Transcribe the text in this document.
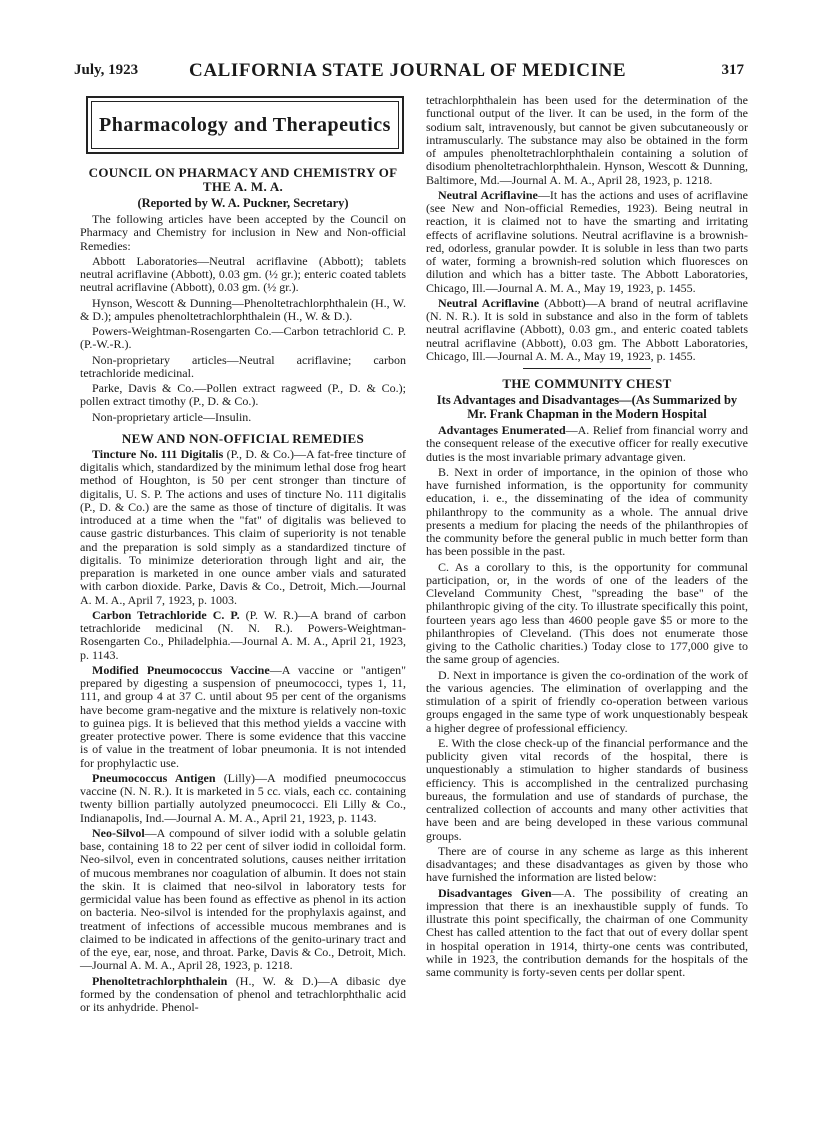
July, 1923	CALIFORNIA STATE JOURNAL OF MEDICINE	317
Pharmacology and Therapeutics
COUNCIL ON PHARMACY AND CHEMISTRY OF THE A. M. A.
(Reported by W. A. Puckner, Secretary)

The following articles have been accepted by the Council on Pharmacy and Chemistry for inclusion in New and Non-official Remedies:

Abbott Laboratories—Neutral acriflavine (Abbott); tablets neutral acriflavine (Abbott), 0.03 gm. (½ gr.); enteric coated tablets neutral acriflavine (Abbott), 0.03 gm. (½ gr.).

Hynson, Wescott & Dunning—Phenoltetrachlorphthalein (H., W. & D.); ampules phenoltetrachlorphthalein (H., W. & D.).

Powers-Weightman-Rosengarten Co.—Carbon tetrachlorid C. P. (P.-W.-R.).

Non-proprietary articles—Neutral acriflavine; carbon tetrachloride medicinal.

Parke, Davis & Co.—Pollen extract ragweed (P., D. & Co.); pollen extract timothy (P., D. & Co.).

Non-proprietary article—Insulin.

NEW AND NON-OFFICIAL REMEDIES

Tincture No. 111 Digitalis (P., D. & Co.)—A fat-free tincture of digitalis which, standardized by the minimum lethal dose frog heart method of Houghton, is 50 per cent stronger than tincture of digitalis, U. S. P. The actions and uses of tincture No. 111 digitalis (P., D. & Co.) are the same as those of tincture of digitalis. It was introduced at a time when the "fat" of digitalis was believed to cause gastric disturbances. This claim of superiority is not tenable and the preparation is sold simply as a standardized tincture of digitalis. To minimize deterioration through light and air, the preparation is marketed in one ounce amber vials and saturated with carbon dioxide. Parke, Davis & Co., Detroit, Mich.—Journal A. M. A., April 7, 1923, p. 1003.

Carbon Tetrachloride C. P. (P. W. R.)—A brand of carbon tetrachloride medicinal (N. N. R.). Powers-Weightman-Rosengarten Co., Philadelphia.—Journal A. M. A., April 21, 1923, p. 1143.

Modified Pneumococcus Vaccine—A vaccine or "antigen" prepared by digesting a suspension of pneumococci, types 1, 11, 111, and group 4 at 37 C. until about 95 per cent of the organisms have become gram-negative and the mixture is relatively non-toxic to guinea pigs. It is believed that this method yields a vaccine with greater protective power. There is some evidence that this vaccine is of value in the treatment of lobar pneumonia. It is not intended for prophylactic use.

Pneumococcus Antigen (Lilly)—A modified pneumococcus vaccine (N. N. R.). It is marketed in 5 cc. vials, each cc. containing twenty billion partially autolyzed pneumococci. Eli Lilly & Co., Indianapolis, Ind.—Journal A. M. A., April 21, 1923, p. 1143.

Neo-Silvol—A compound of silver iodid with a soluble gelatin base, containing 18 to 22 per cent of silver iodid in colloidal form. Neo-silvol, even in concentrated solutions, causes neither irritation of mucous membranes nor coagulation of albumin. It does not stain the skin. It is claimed that neo-silvol in laboratory tests for germicidal value has been found as effective as phenol in its action on bacteria. Neo-silvol is intended for the prophylaxis against, and treatment of infections of accessible mucous membranes and is claimed to be indicated in affections of the genito-urinary tract and of the eye, ear, nose, and throat. Parke, Davis & Co., Detroit, Mich.—Journal A. M. A., April 28, 1923, p. 1218.

Phenoltetrachlorphthalein (H., W. & D.)—A dibasic dye formed by the condensation of phenol and tetrachlorphthalic acid or its anhydride. Phenol-

tetrachlorphthalein has been used for the determination of the functional output of the liver. It can be used, in the form of the sodium salt, intravenously, but cannot be given subcutaneously or intramuscularly. The substance may also be obtained in the form of ampules phenoltetrachlorphthalein containing a solution of disodium phenoltetrachlorphthalein. Hynson, Wescott & Dunning, Baltimore, Md.—Journal A. M. A., April 28, 1923, p. 1218.

Neutral Acriflavine—It has the actions and uses of acriflavine (see New and Non-official Remedies, 1923). Being neutral in reaction, it is claimed not to have the smarting and irritating effects of acriflavine solutions. Neutral acriflavine is a brownish-red, odorless, granular powder. It is soluble in less than two parts of water, forming a brownish-red solution which fluoresces on dilution and which has a bitter taste. The Abbott Laboratories, Chicago, Ill.—Journal A. M. A., May 19, 1923, p. 1455.

Neutral Acriflavine (Abbott)—A brand of neutral acriflavine (N. N. R.). It is sold in substance and also in the form of tablets neutral acriflavine (Abbott), 0.03 gm., and enteric coated tablets neutral acriflavine (Abbott), 0.03 gm. The Abbott Laboratories, Chicago, Ill.—Journal A. M. A., May 19, 1923, p. 1455.

THE COMMUNITY CHEST
Its Advantages and Disadvantages—(As Summarized by Mr. Frank Chapman in the Modern Hospital

Advantages Enumerated—A. Relief from financial worry and the consequent release of the executive officer for really executive duties is the most invariable primary advantage given.

B. Next in order of importance, in the opinion of those who have furnished information, is the opportunity for community education, i. e., the disseminating of the idea of community philanthropy to the community as a whole. The annual drive presents a medium for placing the needs of the philanthropies of the community before the general public in much better form than has been possible in the past.

C. As a corollary to this, is the opportunity for communal participation, or, in the words of one of the leaders of the Cleveland Community Chest, "spreading the base" of the philanthropic giving of the city. To illustrate specifically this point, fourteen years ago less than 4600 people gave $5 or more to the philanthropies of Cleveland. (This does not enumerate those giving to the Catholic charities.) Today close to 177,000 give to the same group of agencies.

D. Next in importance is given the co-ordination of the work of the various agencies. The elimination of overlapping and the stimulation of a spirit of friendly co-operation between various groups engaged in the same type of work unquestionably bespeak a higher degree of professional efficiency.

E. With the close check-up of the financial performance and the publicity given vital records of the hospital, there is unquestionably a stimulation to higher standards of business efficiency. This is accomplished in the centralized purchasing bureaus, the formulation and use of standards of purchase, the centralized collection of accounts and many other activities that have been and are being developed in these various communal groups.

There are of course in any scheme as large as this inherent disadvantages; and these disadvantages as given by those who have furnished the information are listed below:

Disadvantages Given—A. The possibility of creating an impression that there is an inexhaustible supply of funds. To illustrate this point specifically, the chairman of one Community Chest has called attention to the fact that out of every dollar spent in hospital operation in 1914, thirty-one cents was contributed, while in 1923, the contribution demands for the hospitals of the same community is forty-seven cents per dollar spent.
